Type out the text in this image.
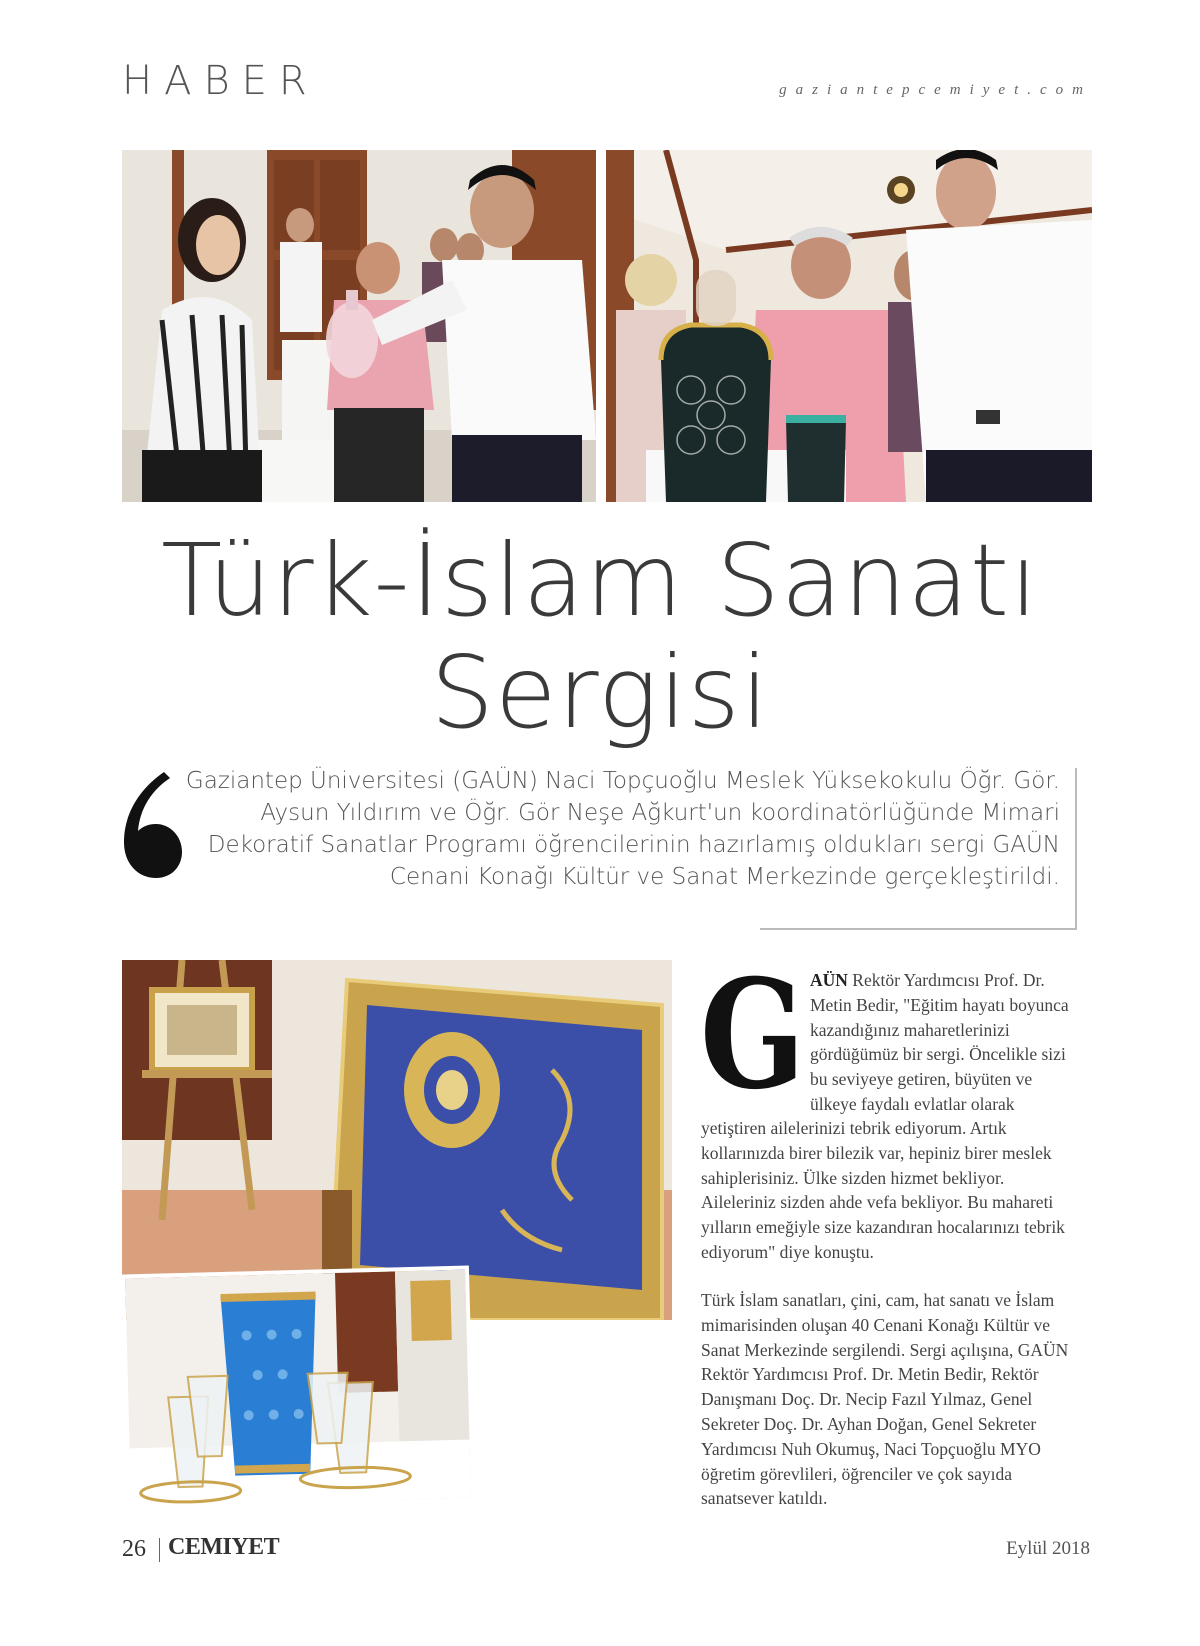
HABER	gaziantepcemiyet.com
Türk-İslam Sanatı
Sergisi
Gaziantep Üniversitesi (GAÜN) Naci Topçuoğlu Meslek Yüksekokulu Öğr. Gör. Aysun Yıldırım ve Öğr. Gör Neşe Ağkurt'un koordinatörlüğünde Mimari Dekoratif Sanatlar Programı öğrencilerinin hazırlamış oldukları sergi GAÜN Cenani Konağı Kültür ve Sanat Merkezinde gerçekleştirildi.
G AÜN Rektör Yardımcısı Prof. Dr. Metin Bedir, "Eğitim hayatı boyunca kazandığınız maharetlerinizi gördüğümüz bir sergi. Öncelikle sizi bu seviyeye getiren, büyüten ve ülkeye faydalı evlatlar olarak
yetiştiren ailelerinizi tebrik ediyorum. Artık kollarınızda birer bilezik var, hepiniz birer meslek sahiplerisiniz. Ülke sizden hizmet bekliyor. Aileleriniz sizden ahde vefa bekliyor. Bu mahareti yılların emeğiyle size kazandıran hocalarınızı tebrik ediyorum" diye konuştu.
Türk İslam sanatları, çini, cam, hat sanatı ve İslam mimarisinden oluşan 40 Cenani Konağı Kültür ve Sanat Merkezinde sergilendi. Sergi açılışına, GAÜN Rektör Yardımcısı Prof. Dr. Metin Bedir, Rektör Danışmanı Doç. Dr. Necip Fazıl Yılmaz, Genel Sekreter Doç. Dr. Ayhan Doğan, Genel Sekreter Yardımcısı Nuh Okumuş, Naci Topçuoğlu MYO öğretim görevlileri, öğrenciler ve çok sayıda sanatsever katıldı.
26 CEMIYET	Eylül 2018
